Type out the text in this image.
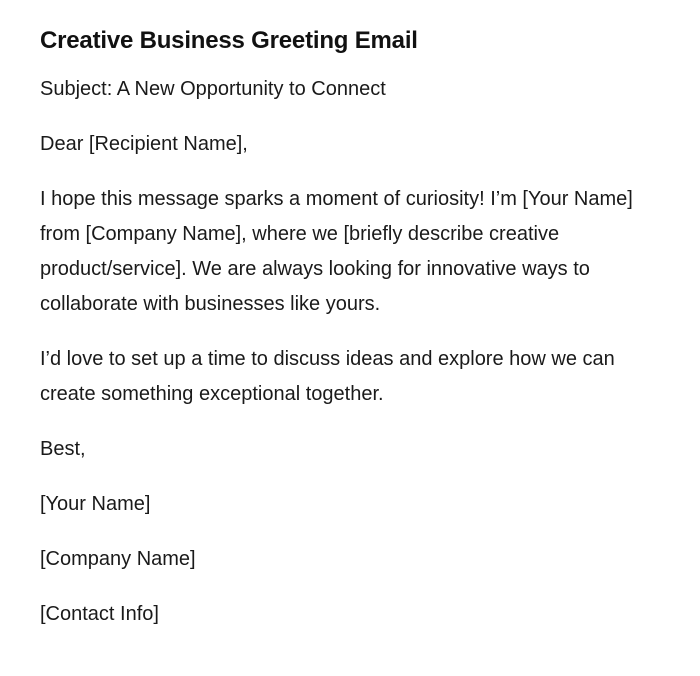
Creative Business Greeting Email

Subject: A New Opportunity to Connect

Dear [Recipient Name],

I hope this message sparks a moment of curiosity! I’m [Your Name] from [Company Name], where we [briefly describe creative product/service]. We are always looking for innovative ways to collaborate with businesses like yours.

I’d love to set up a time to discuss ideas and explore how we can create something exceptional together.

Best,

[Your Name]

[Company Name]

[Contact Info]
